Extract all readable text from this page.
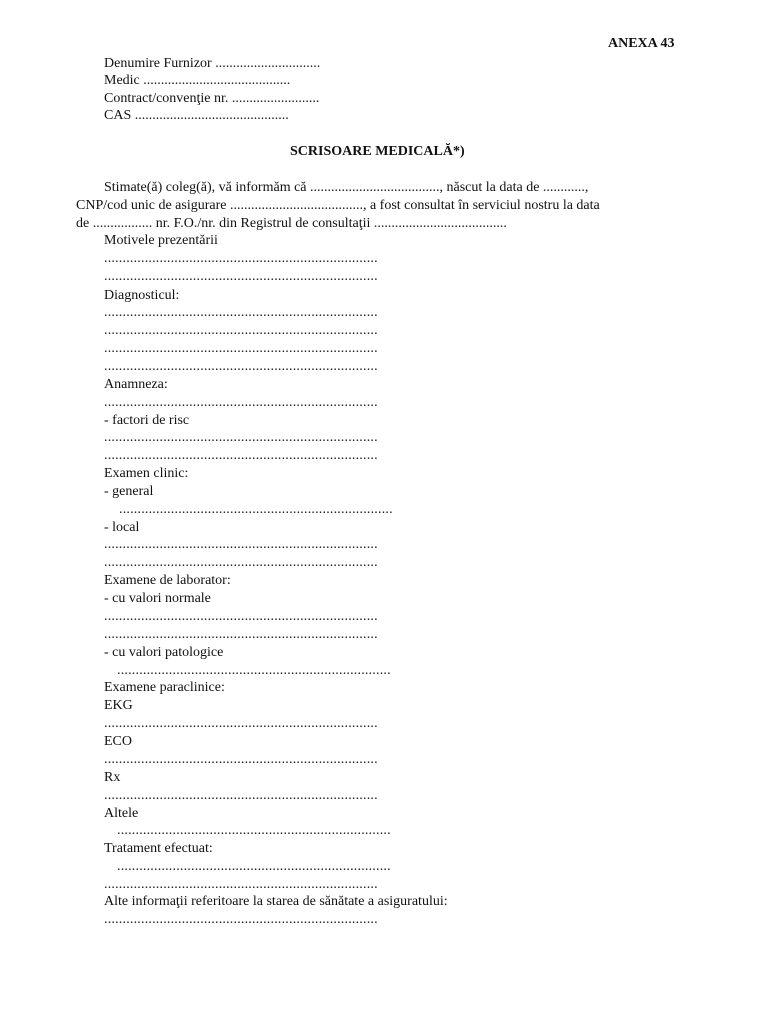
ANEXA 43
Denumire Furnizor ..............................
Medic ..........................................
Contract/convenţie nr. .........................
CAS ............................................
SCRISOARE MEDICALĂ*)
Stimate(ă) coleg(ă), vă informăm că ....................................., născut la data de ............,
CNP/cod unic de asigurare ......................................, a fost consultat în serviciul nostru la data
de ................. nr. F.O./nr. din Registrul de consultaţii ......................................
Motivele prezentării
..........................................................................
..........................................................................
Diagnosticul:
..........................................................................
..........................................................................
..........................................................................
..........................................................................
Anamneza:
..........................................................................
- factori de risc
..........................................................................
..........................................................................
Examen clinic:
- general
..........................................................................
- local
..........................................................................
..........................................................................
Examene de laborator:
- cu valori normale
..........................................................................
..........................................................................
- cu valori patologice
..........................................................................
Examene paraclinice:
EKG
..........................................................................
ECO
..........................................................................
Rx
..........................................................................
Altele
..........................................................................
Tratament efectuat:
..........................................................................
..........................................................................
Alte informaţii referitoare la starea de sănătate a asiguratului:
..........................................................................
